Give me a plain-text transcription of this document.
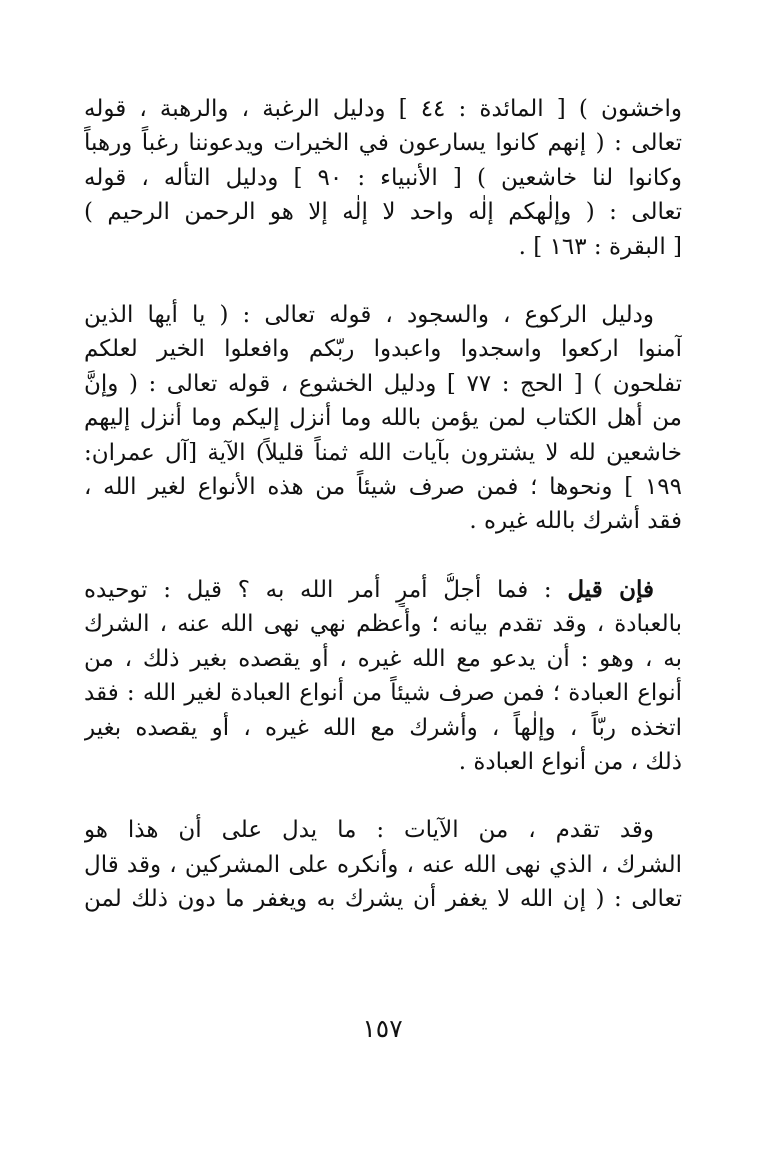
واخشون ) [ المائدة : ٤٤ ] ودليل الرغبة ، والرهبة ، قوله
تعالى : ( إنهم كانوا يسارعون في الخيرات ويدعوننا رغباً ورهباً
وكانوا لنا خاشعين ) [ الأنبياء : ٩٠ ] ودليل التأله ، قوله
تعالى : ( وإلٰهكم إلٰه واحد لا إلٰه إلا هو الرحمن الرحيم )
[ البقرة : ١٦٣ ] .
ودليل الركوع ، والسجود ، قوله تعالى : ( يا أيها الذين
آمنوا اركعوا واسجدوا واعبدوا ربّكم وافعلوا الخير لعلكم
تفلحون ) [ الحج : ٧٧ ] ودليل الخشوع ، قوله تعالى : ( وإنَّ
من أهل الكتاب لمن يؤمن بالله وما أنزل إليكم وما أنزل إليهم
خاشعين لله لا يشترون بآيات الله ثمناً قليلاً) الآية [آل عمران:
١٩٩ ] ونحوها ؛ فمن صرف شيئاً من هذه الأنواع لغير الله ،
فقد أشرك بالله غيره .
فإن قيل : فما أجلُّ أمرٍ أمر الله به ؟ قيل : توحيده
بالعبادة ، وقد تقدم بيانه ؛ وأعظم نهي نهى الله عنه ، الشرك
به ، وهو : أن يدعو مع الله غيره ، أو يقصده بغير ذلك ، من
أنواع العبادة ؛ فمن صرف شيئاً من أنواع العبادة لغير الله : فقد
اتخذه ربّاً ، وإلٰهاً ، وأشرك مع الله غيره ، أو يقصده بغير
ذلك ، من أنواع العبادة .
وقد تقدم ، من الآيات : ما يدل على أن هذا هو
الشرك ، الذي نهى الله عنه ، وأنكره على المشركين ، وقد قال
تعالى : ( إن الله لا يغفر أن يشرك به ويغفر ما دون ذلك لمن
١٥٧
